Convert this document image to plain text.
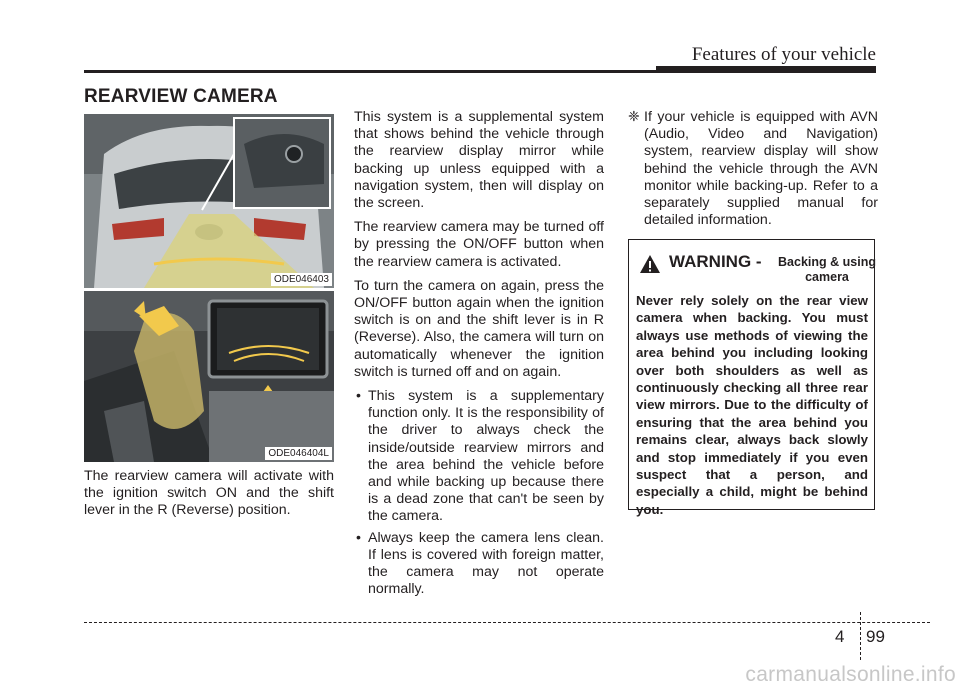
Features of your vehicle
REARVIEW CAMERA
ODE046403
ODE046404L

The rearview camera will activate with the ignition switch ON and the shift lever in the R (Reverse) position.

This system is a supplemental system that shows behind the vehicle through the rearview display mirror while backing up unless equipped with a navigation system, then will display on the screen.

The rearview camera may be turned off by pressing the ON/OFF button when the rearview camera is activated.

To turn the camera on again, press the ON/OFF button again when the ignition switch is on and the shift lever is in R (Reverse). Also, the camera will turn on automatically whenever the ignition switch is turned off and on again.

• This system is a supplementary function only. It is the responsibility of the driver to always check the inside/outside rearview mirrors and the area behind the vehicle before and while backing up because there is a dead zone that can't be seen by the camera.
• Always keep the camera lens clean. If lens is covered with foreign matter, the camera may not operate normally.
❈ If your vehicle is equipped with AVN (Audio, Video and Navigation) system, rearview display will show behind the vehicle through the AVN monitor while backing-up. Refer to a separately supplied manual for detailed information.
WARNING - Backing & using camera

Never rely solely on the rear view camera when backing. You must always use methods of viewing the area behind you including looking over both shoulders as well as continuously checking all three rear view mirrors. Due to the difficulty of ensuring that the area behind you remains clear, always back slowly and stop immediately if you even suspect that a person, and especially a child, might be behind you.

4 99
carmanualsonline.info
